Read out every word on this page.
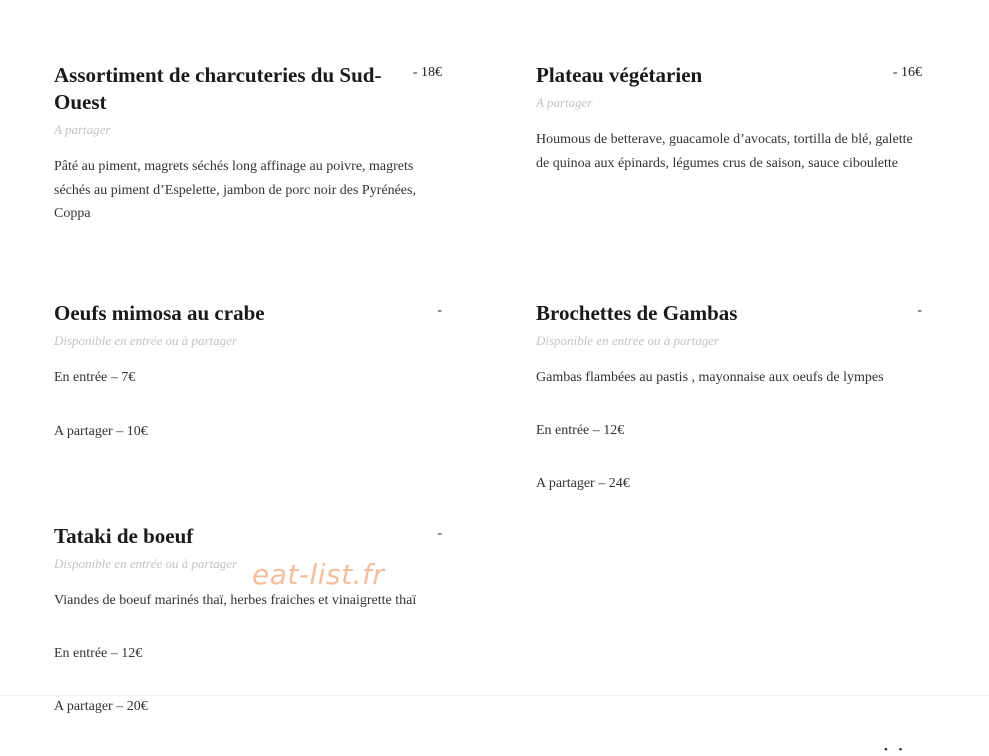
Assortiment de charcuteries du Sud-Ouest
- 18€
A partager
Pâté au piment, magrets séchés long affinage au poivre, magrets séchés au piment d’Espelette, jambon de porc noir des Pyrénées, Coppa
Plateau végétarien	- 16€
A partager
Houmous de betterave, guacamole d’avocats, tortilla de blé, galette de quinoa aux épinards, légumes crus de saison, sauce ciboulette
Oeufs mimosa au crabe	-
Disponible en entrée ou à partager
En entrée – 7€
A partager – 10€
Brochettes de Gambas	-
Disponible en entrée ou à partager
Gambas flambées au pastis , mayonnaise aux oeufs de lympes
En entrée – 12€
A partager – 24€
Tataki de boeuf	-
Disponible en entrée ou à partager
Viandes de boeuf marinés thaï, herbes fraiches et vinaigrette thaï
En entrée – 12€
A partager – 20€
eat-list.fr
• •
